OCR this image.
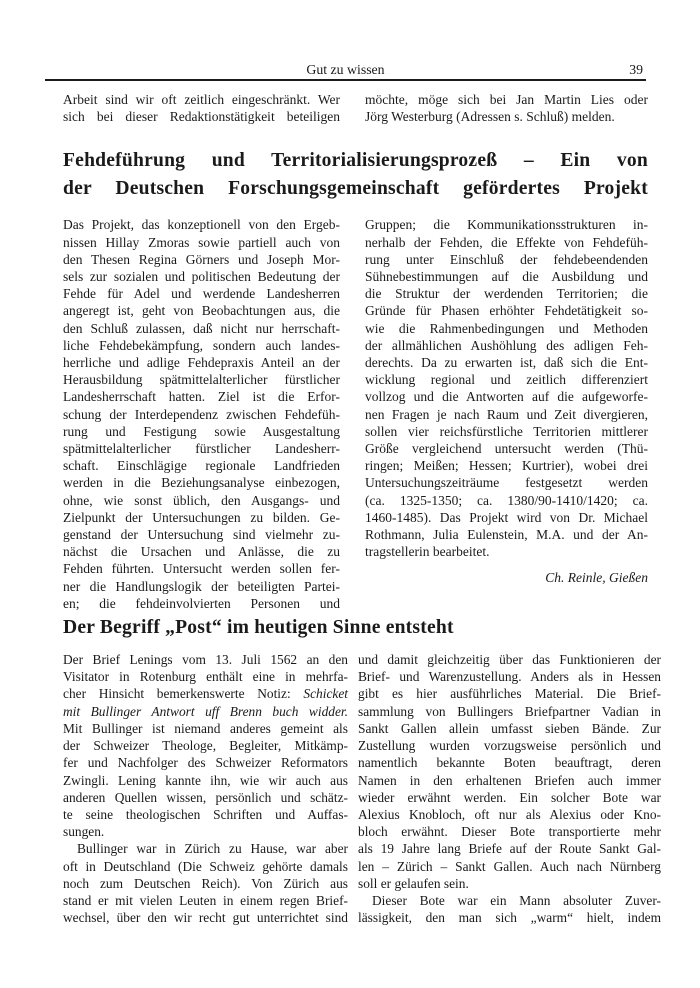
Gut zu wissen	39
Arbeit sind wir oft zeitlich eingeschränkt. Wer
sich bei dieser Redaktionstätigkeit beteiligen
möchte, möge sich bei Jan Martin Lies oder
Jörg Westerburg (Adressen s. Schluß) melden.
Fehdeführung und Territorialisierungsprozeß – Ein von
der Deutschen Forschungsgemeinschaft gefördertes Projekt
Das Projekt, das konzeptionell von den Ergeb-
nissen Hillay Zmoras sowie partiell auch von
den Thesen Regina Görners und Joseph Mor-
sels zur sozialen und politischen Bedeutung der
Fehde für Adel und werdende Landesherren
angeregt ist, geht von Beobachtungen aus, die
den Schluß zulassen, daß nicht nur herrschaft-
liche Fehdebekämpfung, sondern auch landes-
herrliche und adlige Fehdepraxis Anteil an der
Herausbildung spätmittelalterlicher fürstlicher
Landesherrschaft hatten. Ziel ist die Erfor-
schung der Interdependenz zwischen Fehdefüh-
rung und Festigung sowie Ausgestaltung
spätmittelalterlicher fürstlicher Landesherr-
schaft. Einschlägige regionale Landfrieden
werden in die Beziehungsanalyse einbezogen,
ohne, wie sonst üblich, den Ausgangs- und
Zielpunkt der Untersuchungen zu bilden. Ge-
genstand der Untersuchung sind vielmehr zu-
nächst die Ursachen und Anlässe, die zu
Fehden führten. Untersucht werden sollen fer-
ner die Handlungslogik der beteiligten Partei-
en; die fehdeinvolvierten Personen und
Gruppen; die Kommunikationsstrukturen in-
nerhalb der Fehden, die Effekte von Fehdefüh-
rung unter Einschluß der fehdebeendenden
Sühnebestimmungen auf die Ausbildung und
die Struktur der werdenden Territorien; die
Gründe für Phasen erhöhter Fehdetätigkeit so-
wie die Rahmenbedingungen und Methoden
der allmählichen Aushöhlung des adligen Feh-
derechts. Da zu erwarten ist, daß sich die Ent-
wicklung regional und zeitlich differenziert
vollzog und die Antworten auf die aufgeworfe-
nen Fragen je nach Raum und Zeit divergieren,
sollen vier reichsfürstliche Territorien mittlerer
Größe vergleichend untersucht werden (Thü-
ringen; Meißen; Hessen; Kurtrier), wobei drei
Untersuchungszeiträume festgesetzt werden
(ca. 1325-1350; ca. 1380/90-1410/1420; ca.
1460-1485). Das Projekt wird von Dr. Michael
Rothmann, Julia Eulenstein, M.A. und der An-
tragstellerin bearbeitet.
Ch. Reinle, Gießen
Der Begriff „Post“ im heutigen Sinne entsteht
Der Brief Lenings vom 13. Juli 1562 an den
Visitator in Rotenburg enthält eine in mehrfa-
cher Hinsicht bemerkenswerte Notiz: Schicket
mit Bullinger Antwort uff Brenn buch widder.
Mit Bullinger ist niemand anderes gemeint als
der Schweizer Theologe, Begleiter, Mitkämp-
fer und Nachfolger des Schweizer Reformators
Zwingli. Lening kannte ihn, wie wir auch aus
anderen Quellen wissen, persönlich und schätz-
te seine theologischen Schriften und Auffas-
sungen.
Bullinger war in Zürich zu Hause, war aber
oft in Deutschland (Die Schweiz gehörte damals
noch zum Deutschen Reich). Von Zürich aus
stand er mit vielen Leuten in einem regen Brief-
wechsel, über den wir recht gut unterrichtet sind
und damit gleichzeitig über das Funktionieren der
Brief- und Warenzustellung. Anders als in Hessen
gibt es hier ausführliches Material. Die Brief-
sammlung von Bullingers Briefpartner Vadian in
Sankt Gallen allein umfasst sieben Bände. Zur
Zustellung wurden vorzugsweise persönlich und
namentlich bekannte Boten beauftragt, deren
Namen in den erhaltenen Briefen auch immer
wieder erwähnt werden. Ein solcher Bote war
Alexius Knobloch, oft nur als Alexius oder Kno-
bloch erwähnt. Dieser Bote transportierte mehr
als 19 Jahre lang Briefe auf der Route Sankt Gal-
len – Zürich – Sankt Gallen. Auch nach Nürnberg
soll er gelaufen sein.
Dieser Bote war ein Mann absoluter Zuver-
lässigkeit, den man sich „warm“ hielt, indem
